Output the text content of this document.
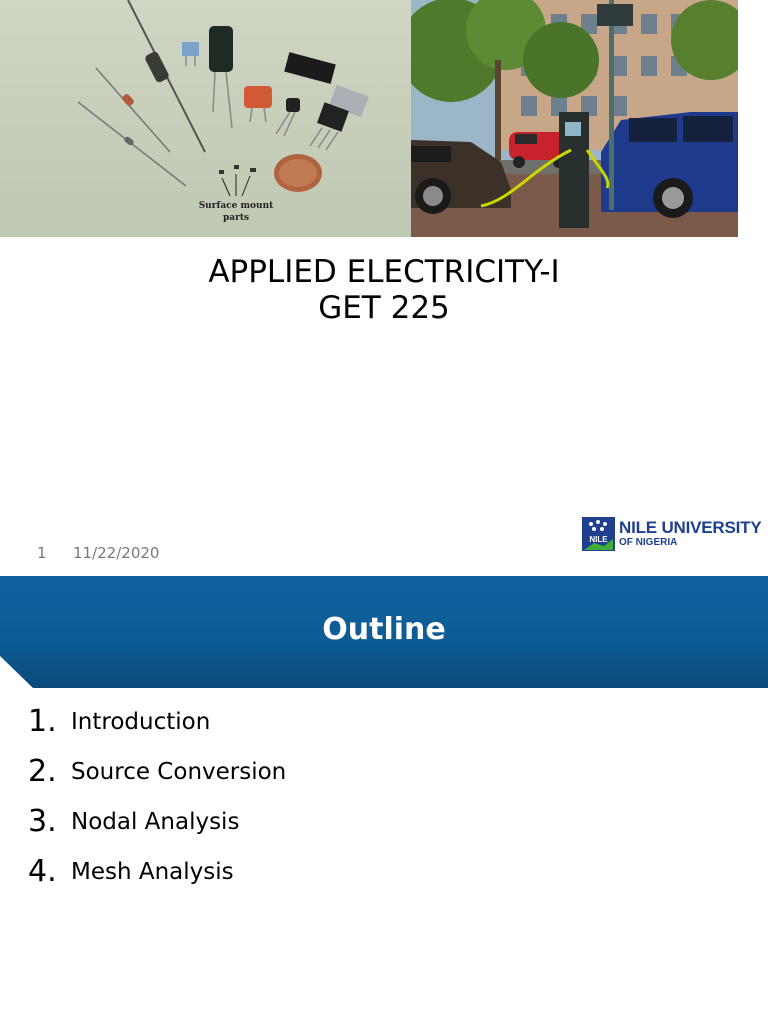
Surface mount
parts
APPLIED ELECTRICITY-I
GET 225
1 11/22/2020
NILE
NILE UNIVERSITY
OF NIGERIA
Outline
1. Introduction
2. Source Conversion
3. Nodal Analysis
4. Mesh Analysis
